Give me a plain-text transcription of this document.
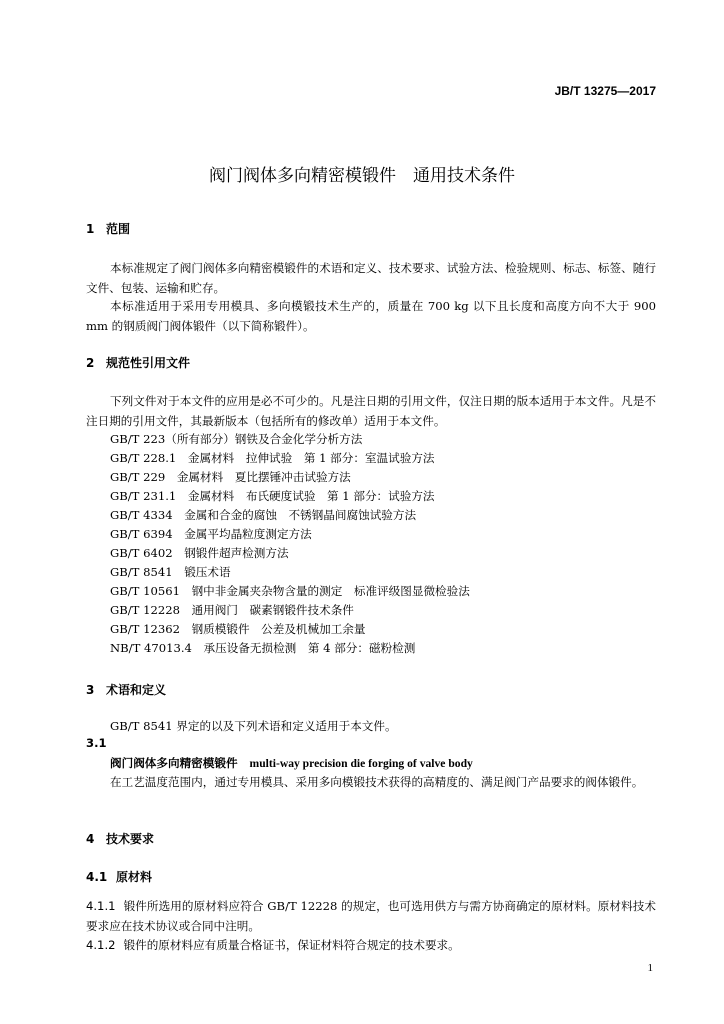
JB/T 13275—2017
阀门阀体多向精密模锻件　通用技术条件
1 范围
本标准规定了阀门阀体多向精密模锻件的术语和定义、技术要求、试验方法、检验规则、标志、标签、随行文件、包装、运输和贮存。
本标准适用于采用专用模具、多向模锻技术生产的，质量在 700 kg 以下且长度和高度方向不大于 900 mm 的钢质阀门阀体锻件（以下简称锻件）。
2 规范性引用文件
下列文件对于本文件的应用是必不可少的。凡是注日期的引用文件，仅注日期的版本适用于本文件。凡是不注日期的引用文件，其最新版本（包括所有的修改单）适用于本文件。
GB/T 223（所有部分）钢铁及合金化学分析方法
GB/T 228.1　金属材料　拉伸试验　第 1 部分：室温试验方法
GB/T 229　金属材料　夏比摆锤冲击试验方法
GB/T 231.1　金属材料　布氏硬度试验　第 1 部分：试验方法
GB/T 4334　金属和合金的腐蚀　不锈钢晶间腐蚀试验方法
GB/T 6394　金属平均晶粒度测定方法
GB/T 6402　钢锻件超声检测方法
GB/T 8541　锻压术语
GB/T 10561　钢中非金属夹杂物含量的测定　标准评级图显微检验法
GB/T 12228　通用阀门　碳素钢锻件技术条件
GB/T 12362　钢质模锻件　公差及机械加工余量
NB/T 47013.4　承压设备无损检测　第 4 部分：磁粉检测
3 术语和定义
GB/T 8541 界定的以及下列术语和定义适用于本文件。
3.1
阀门阀体多向精密模锻件 multi-way precision die forging of valve body
在工艺温度范围内，通过专用模具、采用多向模锻技术获得的高精度的、满足阀门产品要求的阀体锻件。
4 技术要求
4.1 原材料
4.1.1 锻件所选用的原材料应符合 GB/T 12228 的规定，也可选用供方与需方协商确定的原材料。原材料技术要求应在技术协议或合同中注明。
4.1.2 锻件的原材料应有质量合格证书，保证材料符合规定的技术要求。
1
